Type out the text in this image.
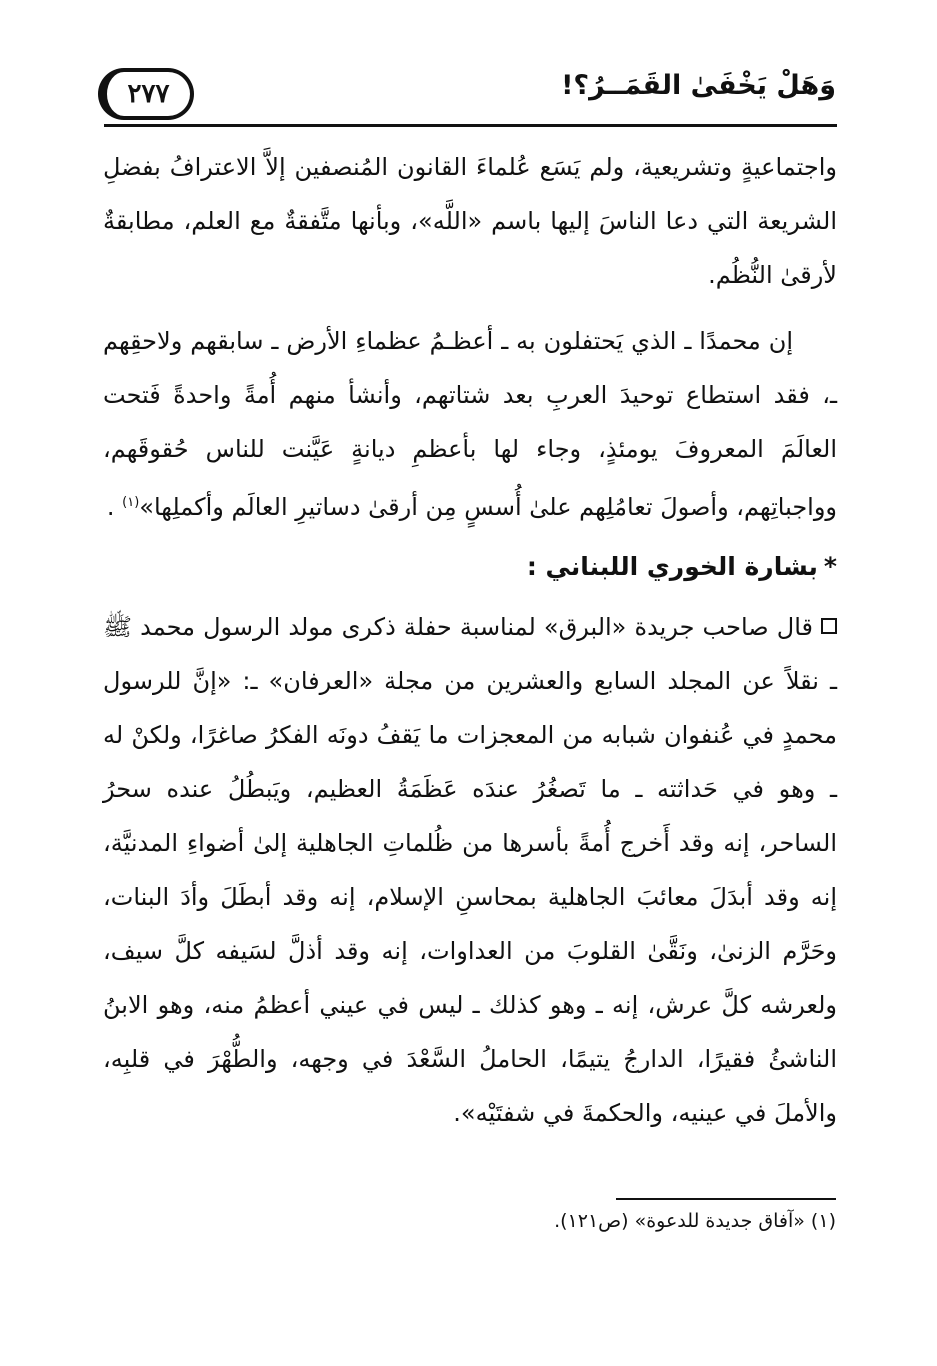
٢٧٧	وَهَلْ يَخْفَىٰ القَمَــرُ؟!

واجتماعيةٍ وتشريعية، ولم يَسَع عُلماءَ القانون المُنصفين إلاَّ الاعترافُ بفضلِ الشريعة التي دعا الناسَ إليها باسم «اللَّه»، وبأنها متَّفقةٌ مع العلم، مطابقةٌ لأرقىٰ النُّظُم.

إن محمدًا ـ الذي يَحتفلون به ـ أعظـمُ عظماءِ الأرض ـ سابقهم ولاحقِهم ـ، فقد استطاع توحيدَ العربِ بعد شتاتهم، وأنشأ منهم أُمةً واحدةً فَتحت العالَمَ المعروفَ يومئذٍ، وجاء لها بأعظمِ ديانةٍ عَيَّنت للناس حُقوقَهم، وواجباتِهم، وأصولَ تعامُلِهم علىٰ أُسسٍ مِن أرقىٰ دساتيرِ العالَم وأكملِها»$^{(١)}$ .

*بشارة الخوري اللبناني :

قال صاحب جريدة «البرق» لمناسبة حفلة ذكرى مولد الرسول محمد ﷺ ـ نقلاً عن المجلد السابع والعشرين من مجلة «العرفان» ـ: «إنَّ للرسول محمدٍ في عُنفوان شبابه من المعجزات ما يَقفُ دونَه الفكرُ صاغرًا، ولكنْ له ـ وهو في حَداثته ـ ما تَصغُرُ عندَه عَظَمَةُ العظيم، ويَبطُلُ عنده سحرُ الساحر، إنه وقد أَخرج أُمةً بأسرها من ظُلماتِ الجاهلية إلىٰ أضواءِ المدنيَّة، إنه وقد أبدَلَ معائبَ الجاهلية بمحاسنِ الإسلام، إنه وقد أبطَلَ وأدَ البنات، وحَرَّم الزنىٰ، ونَقَّىٰ القلوبَ من العداوات، إنه وقد أذلَّ لسَيفه كلَّ سيف، ولعرشه كلَّ عرش، إنه ـ وهو كذلك ـ ليس في عيني أعظمُ منه، وهو الابنُ الناشئُ فقيرًا، الدارجُ يتيمًا، الحاملُ السَّعْدَ في وجهه، والطُّهْرَ في قلبِه، والأملَ في عينيه، والحكمةَ في شفتَيْه».

(١) «آفاق جديدة للدعوة» (ص١٢١).
